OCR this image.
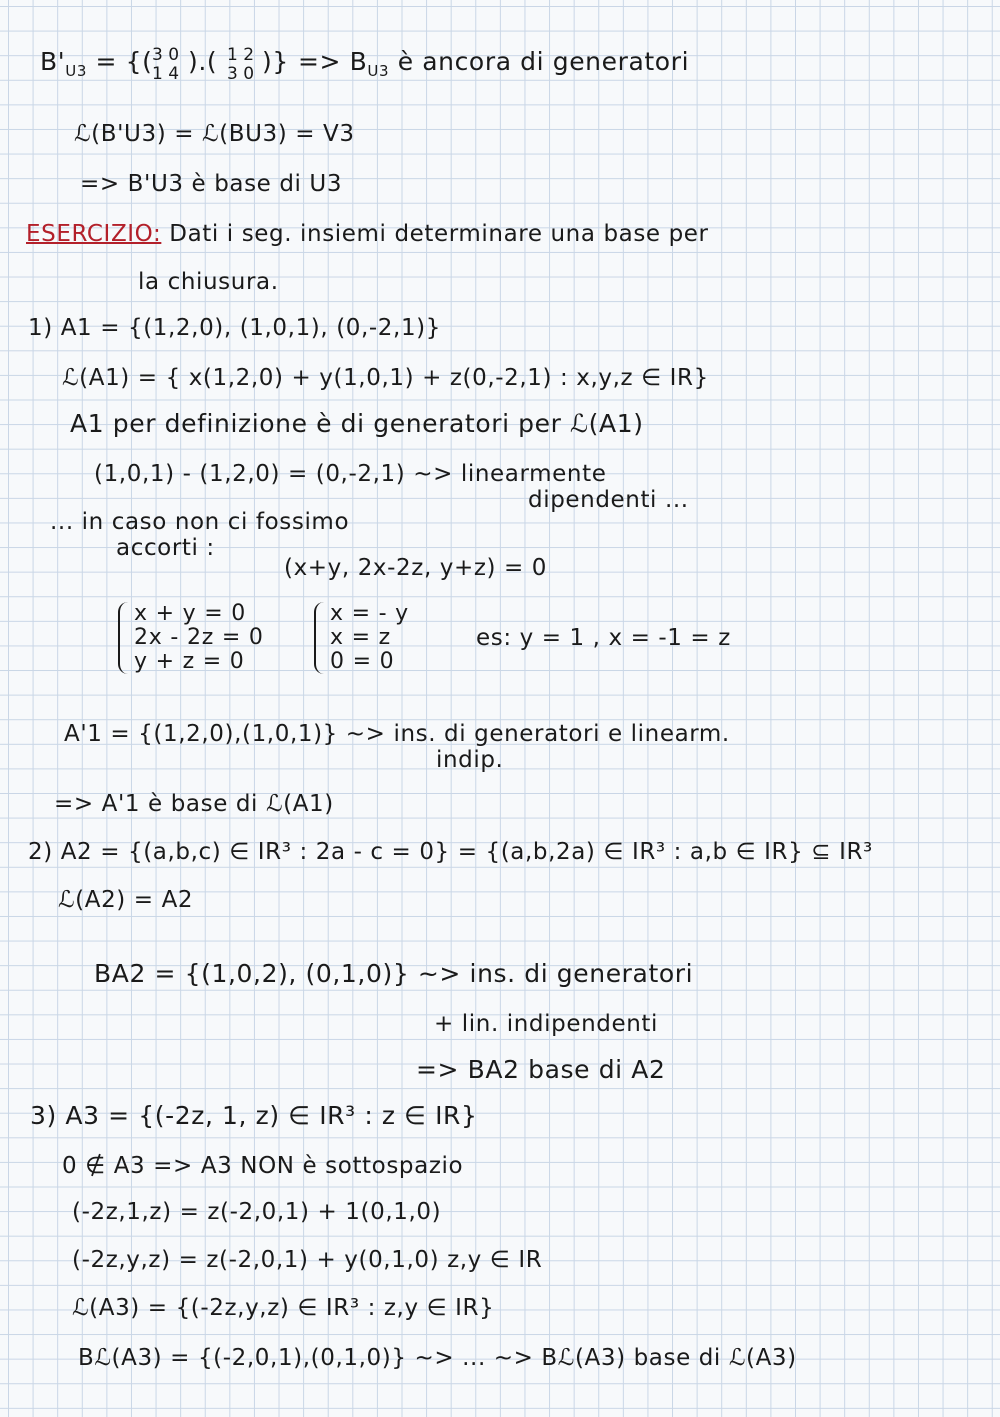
$B'_{U3}$ = {( 3 0
1 4 ).( 1 2
3 0 )} => $B_{U3}$ è ancora di generatori
ℒ(B'U3) = ℒ(BU3) = V3
=> B'U3 è base di U3
ESERCIZIO: Dati i seg. insiemi determinare una base per
la chiusura.
1) A1 = {(1,2,0), (1,0,1), (0,-2,1)}
ℒ(A1) = { x(1,2,0) + y(1,0,1) + z(0,-2,1) : x,y,z ∈ IR}
A1 per definizione è di generatori per ℒ(A1)
(1,0,1) - (1,2,0) = (0,-2,1) ~> linearmente
dipendenti ...
... in caso non ci fossimo
accorti :
(x+y, 2x-2z, y+z) = 0
x + y = 0
2x - 2z = 0
y + z = 0
x = - y
x = z
0 = 0
es: y = 1 , x = -1 = z
A'1 = {(1,2,0),(1,0,1)} ~> ins. di generatori e linearm.
indip.
=> A'1 è base di ℒ(A1)
2) A2 = {(a,b,c) ∈ IR³ : 2a - c = 0} = {(a,b,2a) ∈ IR³ : a,b ∈ IR} ⊆ IR³
ℒ(A2) = A2
BA2 = {(1,0,2), (0,1,0)} ~> ins. di generatori
+ lin. indipendenti
=> BA2 base di A2
3) A3 = {(-2z, 1, z) ∈ IR³ : z ∈ IR}
0 ∉ A3 => A3 NON è sottospazio
(-2z,1,z) = z(-2,0,1) + 1(0,1,0)
(-2z,y,z) = z(-2,0,1) + y(0,1,0) z,y ∈ IR
ℒ(A3) = {(-2z,y,z) ∈ IR³ : z,y ∈ IR}
Bℒ(A3) = {(-2,0,1),(0,1,0)} ~> ... ~> Bℒ(A3) base di ℒ(A3)
